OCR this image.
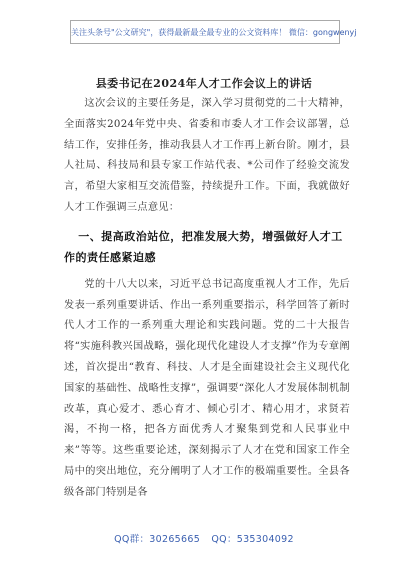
关注头条号"公文研究"，获得最新最全最专业的公文资料库！ 微信：gongwenyj
县委书记在2024年人才工作会议上的讲话

这次会议的主要任务是，深入学习贯彻党的二十大精神，全面落实2024年党中央、省委和市委人才工作会议部署，总结工作，安排任务，推动我县人才工作再上新台阶。刚才，县人社局、科技局和县专家工作站代表、*公司作了经验交流发言，希望大家相互交流借鉴，持续提升工作。下面，我就做好人才工作强调三点意见：

一、提高政治站位，把准发展大势，增强做好人才工作的责任感紧迫感

党的十八大以来，习近平总书记高度重视人才工作，先后发表一系列重要讲话、作出一系列重要指示，科学回答了新时代人才工作的一系列重大理论和实践问题。党的二十大报告将“实施科教兴国战略，强化现代化建设人才支撑”作为专章阐述，首次提出“教育、科技、人才是全面建设社会主义现代化国家的基础性、战略性支撑”，强调要“深化人才发展体制机制改革，真心爱才、悉心育才、倾心引才、精心用才，求贤若渴，不拘一格，把各方面优秀人才聚集到党和人民事业中来”等等。这些重要论述，深刻揭示了人才在党和国家工作全局中的突出地位，充分阐明了人才工作的极端重要性。全县各级各部门特别是各

QQ群：30265665 QQ：535304092
